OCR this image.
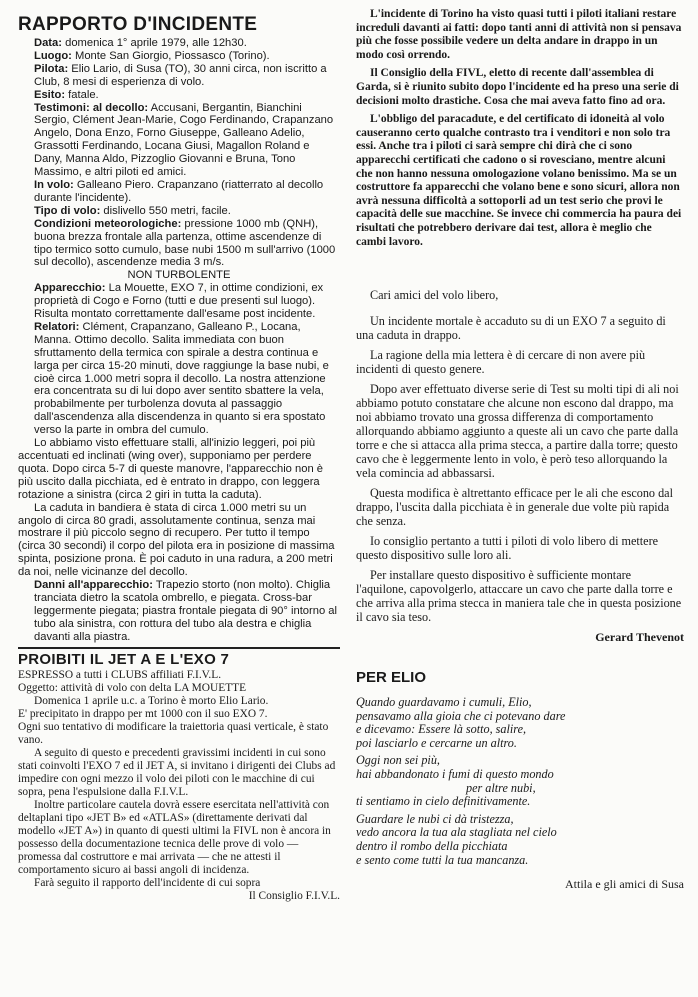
RAPPORTO D'INCIDENTE

Data: domenica 1° aprile 1979, alle 12h30.

Luogo: Monte San Giorgio, Piossasco (Torino).

Pilota: Elio Lario, di Susa (TO), 30 anni circa, non iscritto a Club, 8 mesi di esperienza di volo.

Esito: fatale.

Testimoni: al decollo: Accusani, Bergantin, Bianchini Sergio, Clément Jean-Marie, Cogo Ferdinando, Crapanzano Angelo, Dona Enzo, Forno Giuseppe, Galleano Adelio, Grassotti Ferdinando, Locana Giusi, Magallon Roland e Dany, Manna Aldo, Pizzoglio Giovanni e Bruna, Tono Massimo, e altri piloti ed amici.

In volo: Galleano Piero. Crapanzano (riatterrato al decollo durante l'incidente).

Tipo di volo: dislivello 550 metri, facile.

Condizioni meteorologiche: pressione 1000 mb (QNH), buona brezza frontale alla partenza, ottime ascendenze di tipo termico sotto cumulo, base nubi 1500 m sull'arrivo (1000 sul decollo), ascendenze media 3 m/s.

NON TURBOLENTE

Apparecchio: La Mouette, EXO 7, in ottime condizioni, ex proprietà di Cogo e Forno (tutti e due presenti sul luogo). Risulta montato correttamente dall'esame post incidente.

Relatori: Clément, Crapanzano, Galleano P., Locana, Manna. Ottimo decollo. Salita immediata con buon sfruttamento della termica con spirale a destra continua e larga per circa 15-20 minuti, dove raggiunge la base nubi, e cioè circa 1.000 metri sopra il decollo. La nostra attenzione era concentrata su di lui dopo aver sentito sbattere la vela, probabilmente per turbolenza dovuta al passaggio dall'ascendenza alla discendenza in quanto si era spostato verso la parte in ombra del cumulo.

Lo abbiamo visto effettuare stalli, all'inizio leggeri, poi più accentuati ed inclinati (wing over), supponiamo per perdere quota. Dopo circa 5-7 di queste manovre, l'apparecchio non è più uscito dalla picchiata, ed è entrato in drappo, con leggera rotazione a sinistra (circa 2 giri in tutta la caduta).

La caduta in bandiera è stata di circa 1.000 metri su un angolo di circa 80 gradi, assolutamente continua, senza mai mostrare il più piccolo segno di recupero. Per tutto il tempo (circa 30 secondi) il corpo del pilota era in posizione di massima spinta, posizione prona. È poi caduto in una radura, a 200 metri da noi, nelle vicinanze del decollo.

Danni all'apparecchio: Trapezio storto (non molto). Chiglia tranciata dietro la scatola ombrello, e piegata. Cross-bar leggermente piegata; piastra frontale piegata di 90° intorno al tubo ala sinistra, con rottura del tubo ala destra e chiglia davanti alla piastra.

PROIBITI IL JET A E L'EXO 7

ESPRESSO a tutti i CLUBS affiliati F.I.V.L.

Oggetto: attività di volo con delta LA MOUETTE

Domenica 1 aprile u.c. a Torino è morto Elio Lario.

E' precipitato in drappo per mt 1000 con il suo EXO 7.

Ogni suo tentativo di modificare la traiettoria quasi verticale, è stato vano.

A seguito di questo e precedenti gravissimi incidenti in cui sono stati coinvolti l'EXO 7 ed il JET A, si invitano i dirigenti dei Clubs ad impedire con ogni mezzo il volo dei piloti con le macchine di cui sopra, pena l'espulsione dalla F.I.V.L.

Inoltre particolare cautela dovrà essere esercitata nell'attività con deltaplani tipo «JET B» ed «ATLAS» (direttamente derivati dal modello «JET A») in quanto di questi ultimi la FIVL non è ancora in possesso della documentazione tecnica delle prove di volo — promessa dal costruttore e mai arrivata — che ne attesti il comportamento sicuro ai bassi angoli di incidenza.

Farà seguito il rapporto dell'incidente di cui sopra

Il Consiglio F.I.V.L.

L'incidente di Torino ha visto quasi tutti i piloti italiani restare increduli davanti ai fatti: dopo tanti anni di attività non si pensava più che fosse possibile vedere un delta andare in drappo in un modo così orrendo.

Il Consiglio della FIVL, eletto di recente dall'assemblea di Garda, si è riunito subito dopo l'incidente ed ha preso una serie di decisioni molto drastiche. Cosa che mai aveva fatto fino ad ora.

L'obbligo del paracadute, e del certificato di idoneità al volo causeranno certo qualche contrasto tra i venditori e non solo tra essi. Anche tra i piloti ci sarà sempre chi dirà che ci sono apparecchi certificati che cadono o si rovesciano, mentre alcuni che non hanno nessuna omologazione volano benissimo. Ma se un costruttore fa apparecchi che volano bene e sono sicuri, allora non avrà nessuna difficoltà a sottoporli ad un test serio che provi le capacità delle sue macchine. Se invece chi commercia ha paura dei risultati che potrebbero derivare dai test, allora è meglio che cambi lavoro.

Cari amici del volo libero,

Un incidente mortale è accaduto su di un EXO 7 a seguito di una caduta in drappo.

La ragione della mia lettera è di cercare di non avere più incidenti di questo genere.

Dopo aver effettuato diverse serie di Test su molti tipi di ali noi abbiamo potuto constatare che alcune non escono dal drappo, ma noi abbiamo trovato una grossa differenza di comportamento allorquando abbiamo aggiunto a queste ali un cavo che parte dalla torre e che si attacca alla prima stecca, a partire dalla torre; questo cavo che è leggermente lento in volo, è però teso allorquando la vela comincia ad abbassarsi.

Questa modifica è altrettanto efficace per le ali che escono dal drappo, l'uscita dalla picchiata è in generale due volte più rapida che senza.

Io consiglio pertanto a tutti i piloti di volo libero di mettere questo dispositivo sulle loro ali.

Per installare questo dispositivo è sufficiente montare l'aquilone, capovolgerlo, attaccare un cavo che parte dalla torre e che arriva alla prima stecca in maniera tale che in questa posizione il cavo sia teso.

Gerard Thevenot

PER ELIO

Quando guardavamo i cumuli, Elio,

pensavamo alla gioia che ci potevano dare

e dicevamo: Essere là sotto, salire,

poi lasciarlo e cercarne un altro.

Oggi non sei più,

hai abbandonato i fumi di questo mondo

per altre nubi,

ti sentiamo in cielo definitivamente.

Guardare le nubi ci dà tristezza,

vedo ancora la tua ala stagliata nel cielo

dentro il rombo della picchiata

e sento come tutti la tua mancanza.

Attila e gli amici di Susa
